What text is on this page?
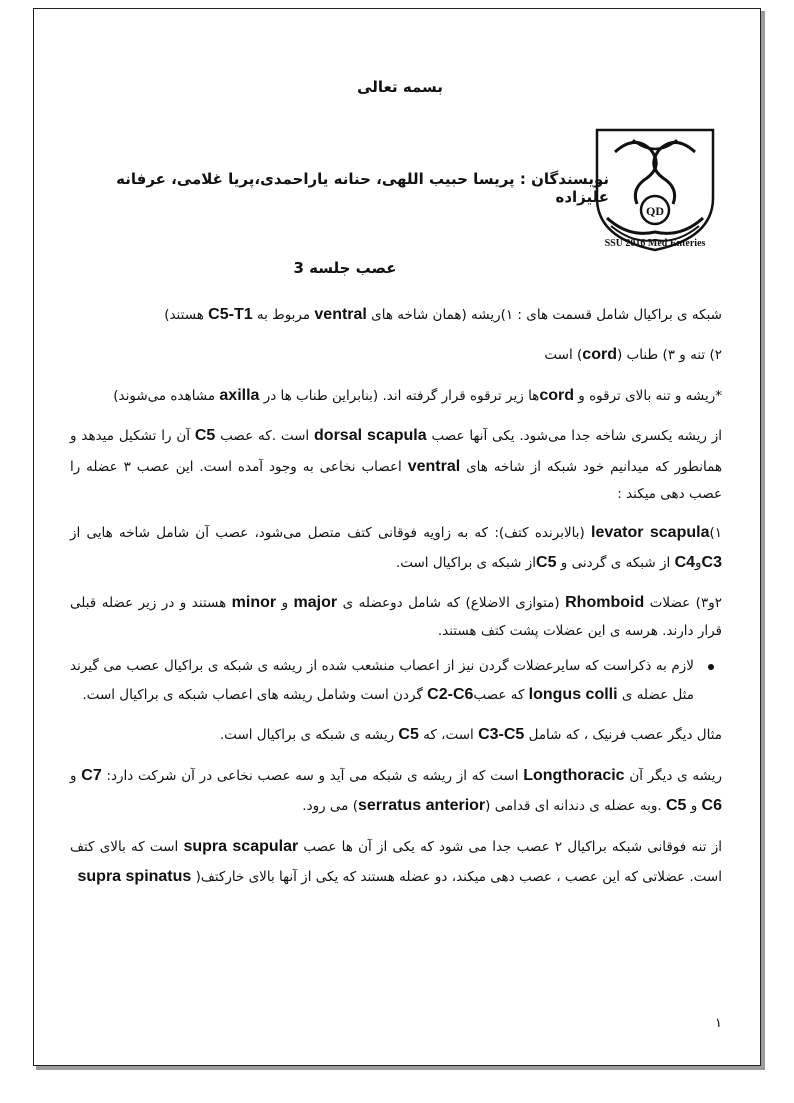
بسمه تعالی
نویسندگان : پریسا حبیب اللهی، حنانه یاراحمدی،پریا غلامی، عرفانه علیزاده
QD
SSU 2016 Med Enteries
عصب جلسه 3

شبکه ی براکیال شامل قسمت های : ۱)ریشه (همان شاخه های ventral مربوط به C5-T1 هستند)

۲) تنه و ۳) طناب (cord) است

*ریشه و تنه بالای ترقوه و cordها زیر ترقوه قرار گرفته اند. (بنابراین طناب ها در axilla مشاهده می‌شوند)

از ریشه یکسری شاخه جدا می‌شود. یکی آنها عصب dorsal scapula است .که عصب C5 آن را تشکیل میدهد و همانطور که میدانیم خود شبکه از شاخه های ventral اعصاب نخاعی به وجود آمده است. این عصب ۳ عضله را عصب دهی میکند :

۱)levator scapula (بالابرنده کتف): که به زاویه فوقانی کتف متصل می‌شود، عصب آن شامل شاخه هایی از C3وC4 از شبکه ی گردنی و C5از شبکه ی براکیال است.

۲و۳) عضلات Rhomboid (متوازی الاضلاع) که شامل دوعضله ی major و minor هستند و در زیر عضله قبلی قرار دارند. هرسه ی این عضلات پشت کتف هستند.

لازم به ذکراست که سایرعضلات گردن نیز از اعصاب منشعب شده از ریشه ی شبکه ی براکیال عصب می گیرند مثل عضله ی longus colli که عصبC2-C6 گردن است وشامل ریشه های اعصاب شبکه ی براکیال است.

مثال دیگر عصب فرنیک ، که شامل C3-C5 است، که C5 ریشه ی شبکه ی براکیال است.

ریشه ی دیگر آن Longthoracic است که از ریشه ی شبکه می آید و سه عصب نخاعی در آن شرکت دارد: C7 و C6 و C5 .وبه عضله ی دندانه ای قدامی (serratus anterior) می رود.

از تنه فوقانی شبکه براکیال ۲ عصب جدا می شود که یکی از آن ها عصب supra scapular است که بالای کتف است. عضلاتی که این عصب ، عصب دهی میکند، دو عضله هستند که یکی از آنها بالای خارکتف( supra spinatus

۱
